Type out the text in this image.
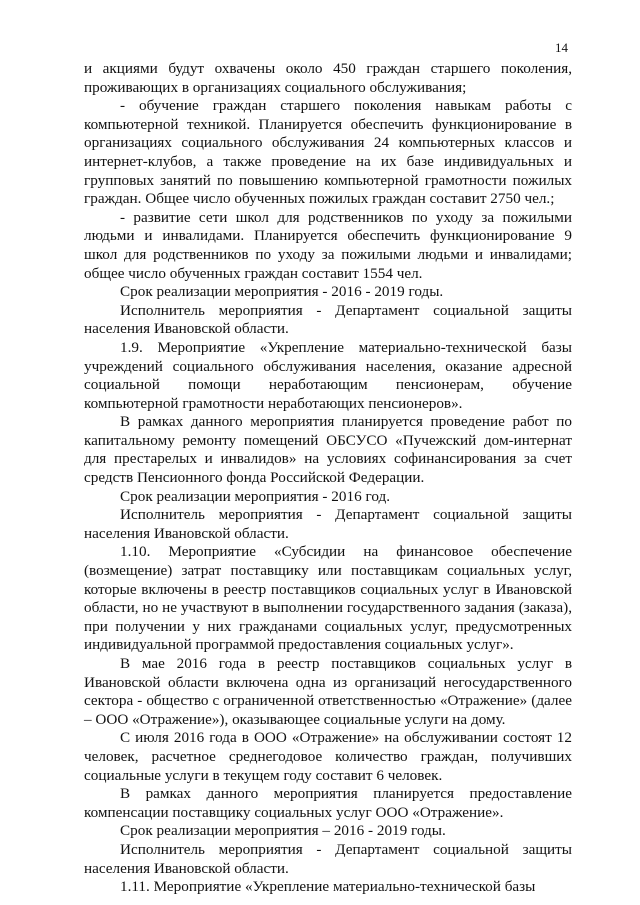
14

и акциями будут охвачены около 450 граждан старшего поколения, проживающих в организациях социального обслуживания;

- обучение граждан старшего поколения навыкам работы с компьютерной техникой. Планируется обеспечить функционирование в организациях социального обслуживания 24 компьютерных классов и интернет-клубов, а также проведение на их базе индивидуальных и групповых занятий по повышению компьютерной грамотности пожилых граждан. Общее число обученных пожилых граждан составит 2750 чел.;

- развитие сети школ для родственников по уходу за пожилыми людьми и инвалидами. Планируется обеспечить функционирование 9 школ для родственников по уходу за пожилыми людьми и инвалидами; общее число обученных граждан составит 1554 чел.

Срок реализации мероприятия - 2016 - 2019 годы.

Исполнитель мероприятия - Департамент социальной защиты населения Ивановской области.

1.9. Мероприятие «Укрепление материально-технической базы учреждений социального обслуживания населения, оказание адресной социальной помощи неработающим пенсионерам, обучение компьютерной грамотности неработающих пенсионеров».

В рамках данного мероприятия планируется проведение работ по капитальному ремонту помещений ОБСУСО «Пучежский дом-интернат для престарелых и инвалидов» на условиях софинансирования за счет средств Пенсионного фонда Российской Федерации.

Срок реализации мероприятия - 2016 год.

Исполнитель мероприятия - Департамент социальной защиты населения Ивановской области.

1.10. Мероприятие «Субсидии на финансовое обеспечение (возмещение) затрат поставщику или поставщикам социальных услуг, которые включены в реестр поставщиков социальных услуг в Ивановской области, но не участвуют в выполнении государственного задания (заказа), при получении у них гражданами социальных услуг, предусмотренных индивидуальной программой предоставления социальных услуг».

В мае 2016 года в реестр поставщиков социальных услуг в Ивановской области включена одна из организаций негосударственного сектора - общество с ограниченной ответственностью «Отражение» (далее – ООО «Отражение»), оказывающее социальные услуги на дому.

С июля 2016 года в ООО «Отражение» на обслуживании состоят 12 человек, расчетное среднегодовое количество граждан, получивших социальные услуги в текущем году составит 6 человек.

В рамках данного мероприятия планируется предоставление компенсации поставщику социальных услуг ООО «Отражение».

Срок реализации мероприятия – 2016 - 2019 годы.

Исполнитель мероприятия - Департамент социальной защиты населения Ивановской области.

1.11. Мероприятие «Укрепление материально-технической базы
